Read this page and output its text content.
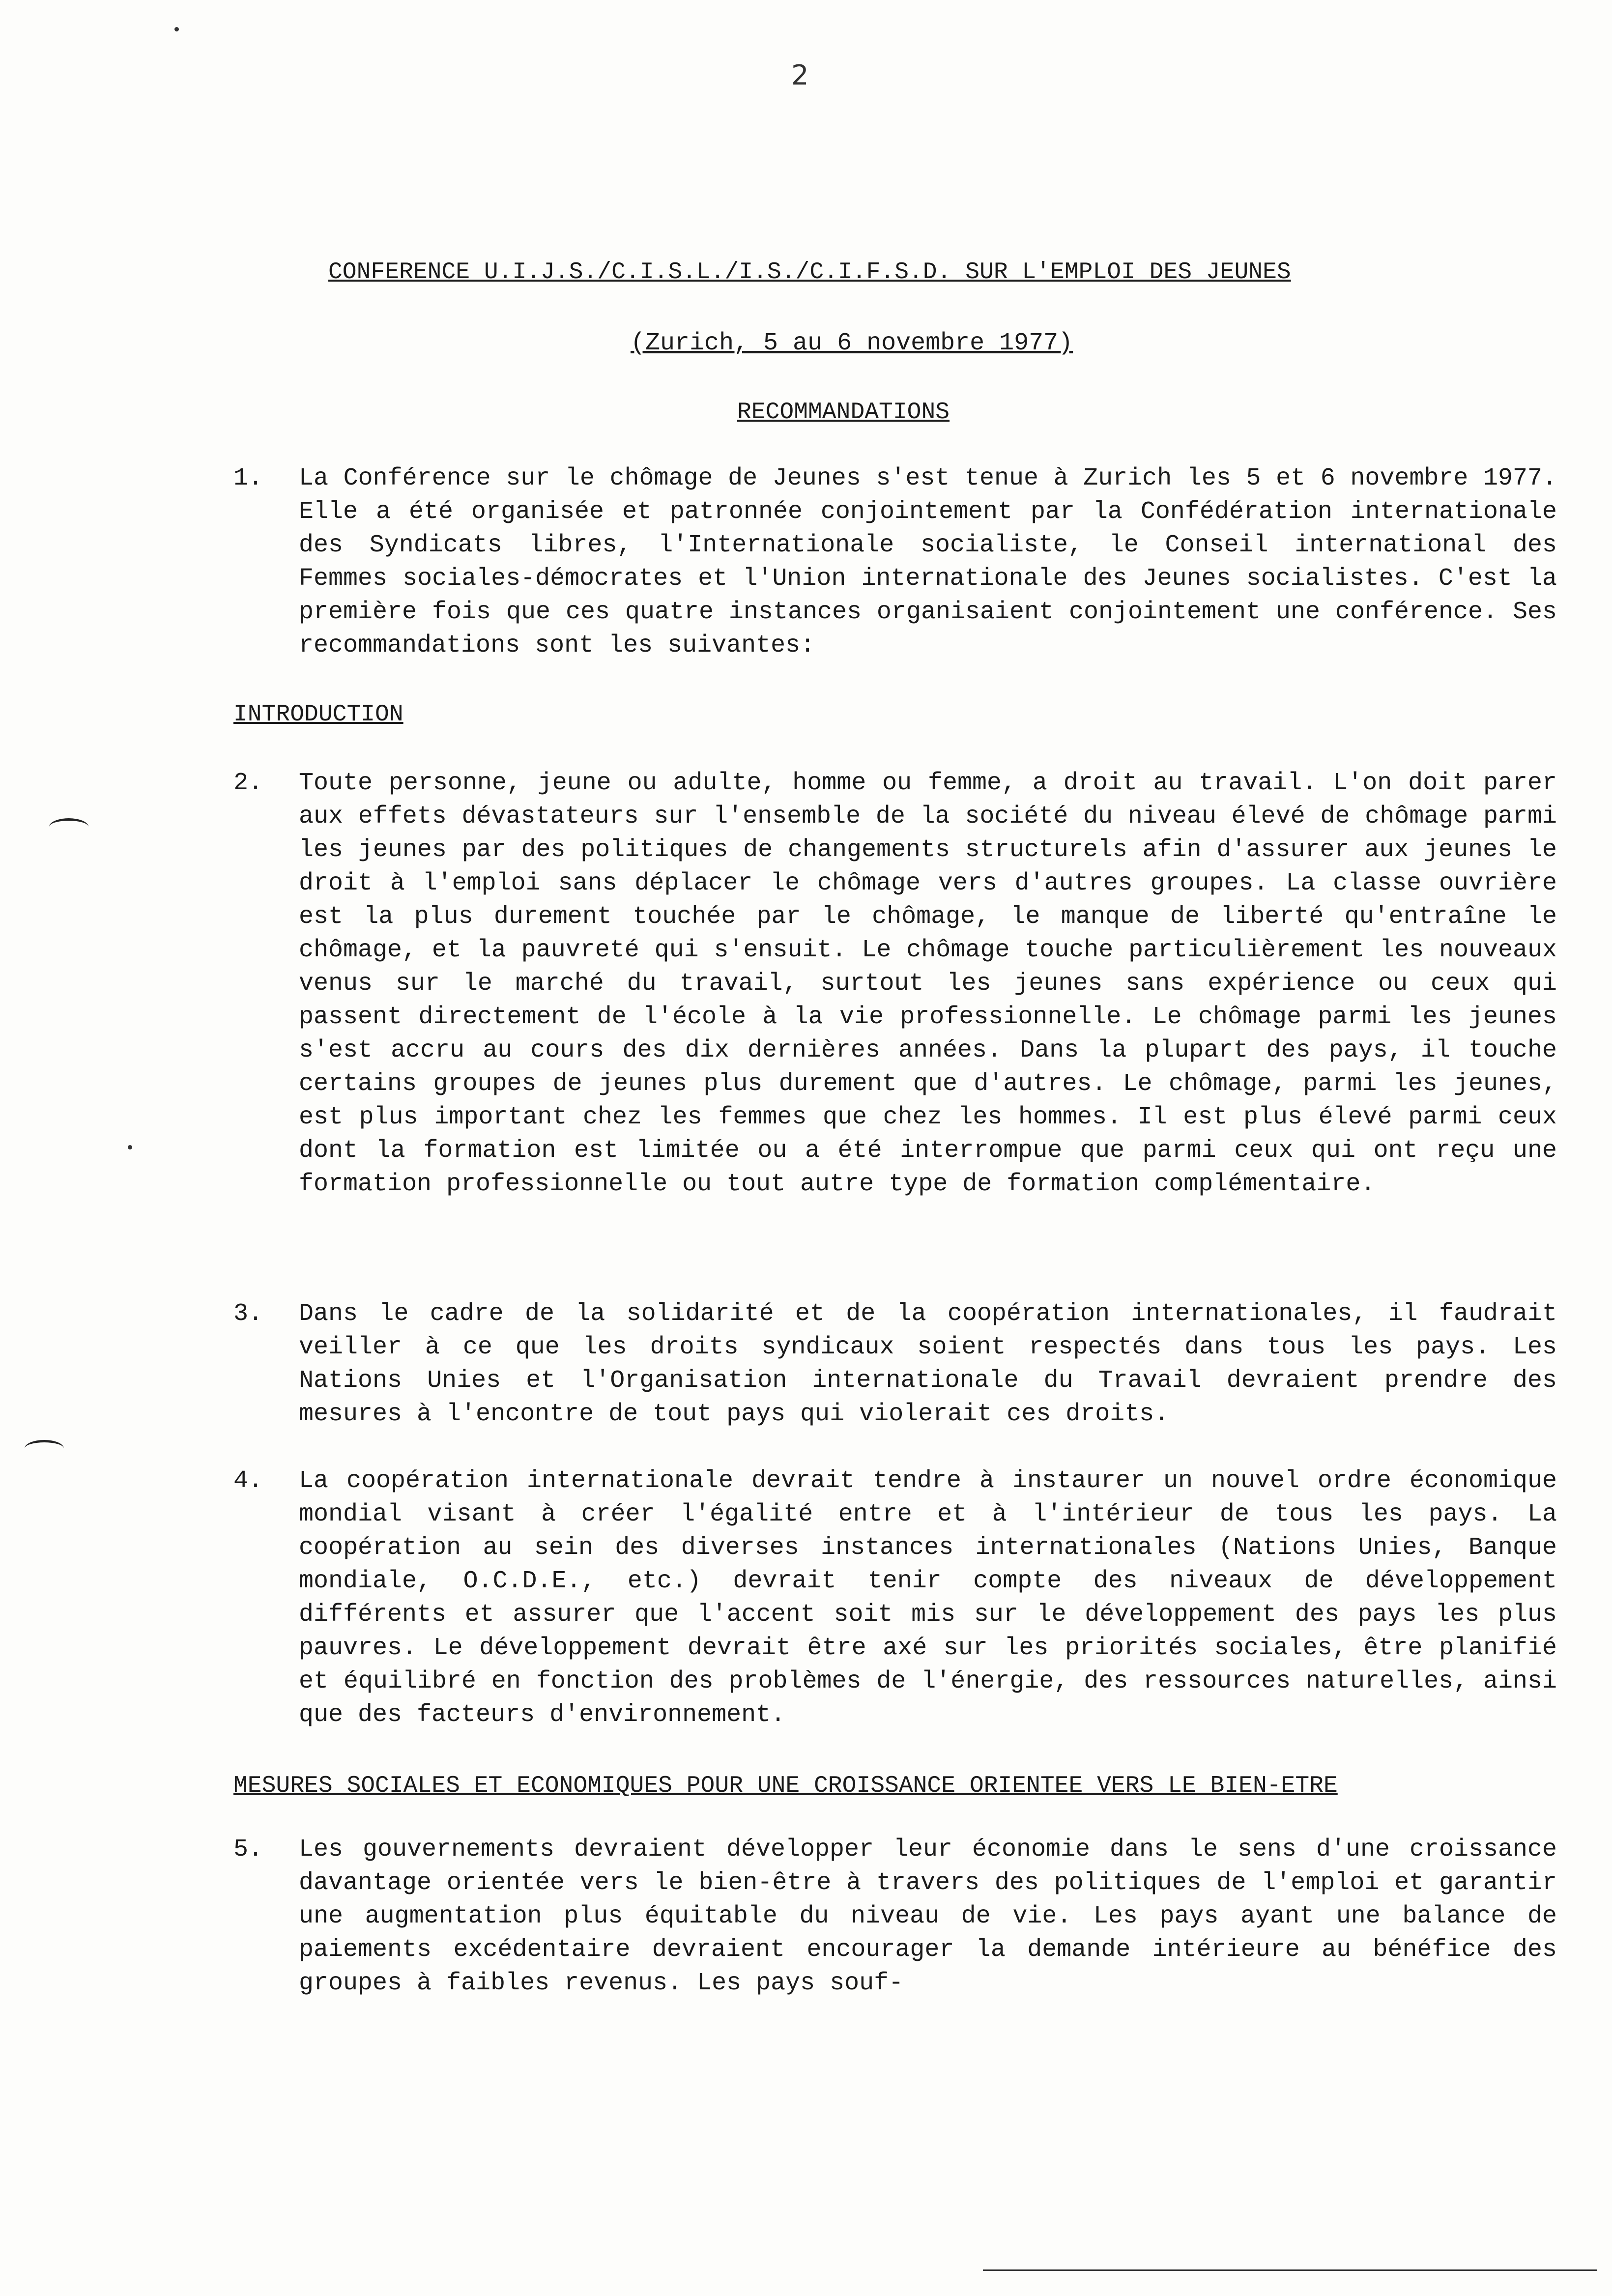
2
CONFERENCE U.I.J.S./C.I.S.L./I.S./C.I.F.S.D. SUR L'EMPLOI DES JEUNES
(Zurich, 5 au 6 novembre 1977)
RECOMMANDATIONS
1. La Conférence sur le chômage de Jeunes s'est tenue à Zurich les 5 et 6 novembre 1977. Elle a été organisée et patronnée conjointement par la Confédération internationale des Syndicats libres, l'Internationale socialiste, le Conseil international des Femmes sociales-démocrates et l'Union internationale des Jeunes socialistes. C'est la première fois que ces quatre instances organisaient conjointement une conférence. Ses recommandations sont les suivantes:
INTRODUCTION
2. Toute personne, jeune ou adulte, homme ou femme, a droit au travail. L'on doit parer aux effets dévastateurs sur l'ensemble de la société du niveau élevé de chômage parmi les jeunes par des politiques de changements structurels afin d'assurer aux jeunes le droit à l'emploi sans déplacer le chômage vers d'autres groupes. La classe ouvrière est la plus durement touchée par le chômage, le manque de liberté qu'entraîne le chômage, et la pauvreté qui s'ensuit. Le chômage touche particulièrement les nouveaux venus sur le marché du travail, surtout les jeunes sans expérience ou ceux qui passent directement de l'école à la vie professionnelle. Le chômage parmi les jeunes s'est accru au cours des dix dernières années. Dans la plupart des pays, il touche certains groupes de jeunes plus durement que d'autres. Le chômage, parmi les jeunes, est plus important chez les femmes que chez les hommes. Il est plus élevé parmi ceux dont la formation est limitée ou a été interrompue que parmi ceux qui ont reçu une formation professionnelle ou tout autre type de formation complémentaire.
3. Dans le cadre de la solidarité et de la coopération internationales, il faudrait veiller à ce que les droits syndicaux soient respectés dans tous les pays. Les Nations Unies et l'Organisation internationale du Travail devraient prendre des mesures à l'encontre de tout pays qui violerait ces droits.
4. La coopération internationale devrait tendre à instaurer un nouvel ordre économique mondial visant à créer l'égalité entre et à l'intérieur de tous les pays. La coopération au sein des diverses instances internationales (Nations Unies, Banque mondiale, O.C.D.E., etc.) devrait tenir compte des niveaux de développement différents et assurer que l'accent soit mis sur le développement des pays les plus pauvres. Le développement devrait être axé sur les priorités sociales, être planifié et équilibré en fonction des problèmes de l'énergie, des ressources naturelles, ainsi que des facteurs d'environnement.
MESURES SOCIALES ET ECONOMIQUES POUR UNE CROISSANCE ORIENTEE VERS LE BIEN-ETRE
5. Les gouvernements devraient développer leur économie dans le sens d'une croissance davantage orientée vers le bien-être à travers des politiques de l'emploi et garantir une augmentation plus équitable du niveau de vie. Les pays ayant une balance de paiements excédentaire devraient encourager la demande intérieure au bénéfice des groupes à faibles revenus. Les pays souf-
